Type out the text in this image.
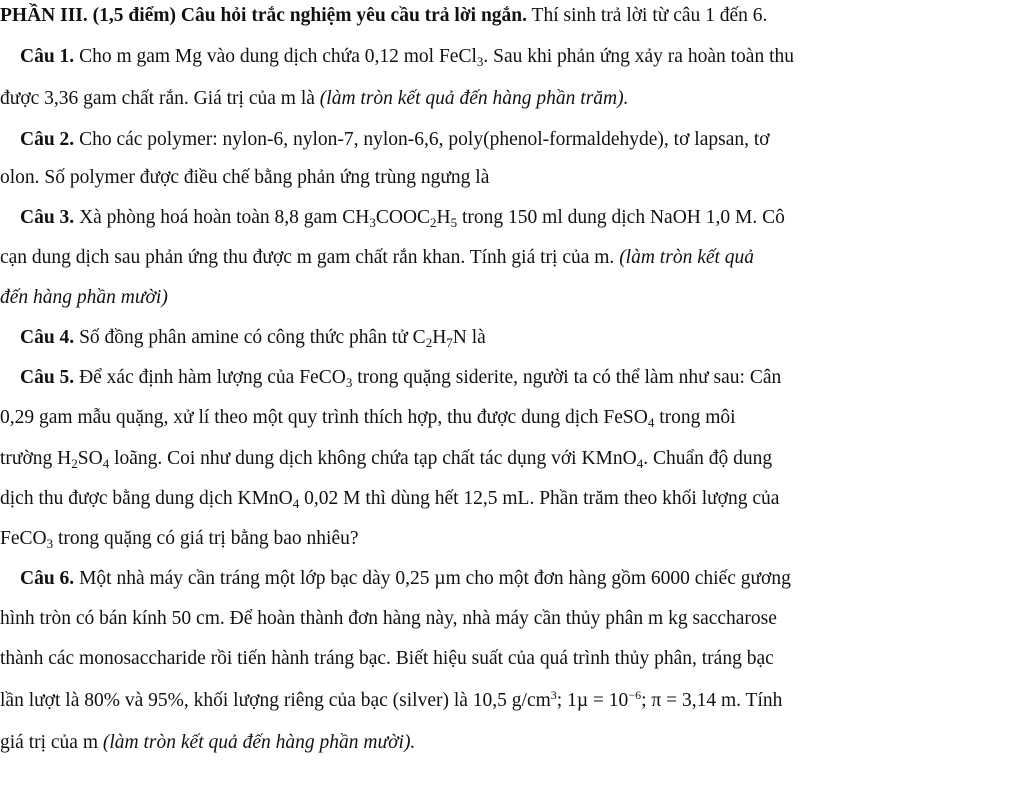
PHẦN III. (1,5 điểm) Câu hỏi trắc nghiệm yêu cầu trả lời ngắn. Thí sinh trả lời từ câu 1 đến 6.
Câu 1. Cho m gam Mg vào dung dịch chứa 0,12 mol FeCl$_3$. Sau khi phản ứng xảy ra hoàn toàn thu
được 3,36 gam chất rắn. Giá trị của m là (làm tròn kết quả đến hàng phần trăm).
Câu 2. Cho các polymer: nylon-6, nylon-7, nylon-6,6, poly(phenol-formaldehyde), tơ lapsan, tơ
olon. Số polymer được điều chế bằng phản ứng trùng ngưng là
Câu 3. Xà phòng hoá hoàn toàn 8,8 gam $CH_3COOC_2H_5$ trong 150 ml dung dịch NaOH 1,0 M. Cô
cạn dung dịch sau phản ứng thu được m gam chất rắn khan. Tính giá trị của m. (làm tròn kết quả
đến hàng phần mười)
Câu 4. Số đồng phân amine có công thức phân tử $C_2H_7N$ là
Câu 5. Để xác định hàm lượng của FeCO$_3$ trong quặng siderite, người ta có thể làm như sau: Cân
0,29 gam mẫu quặng, xử lí theo một quy trình thích hợp, thu được dung dịch FeSO$_4$ trong môi
trường $H_2SO_4$ loãng. Coi như dung dịch không chứa tạp chất tác dụng với KMnO$_4$. Chuẩn độ dung
dịch thu được bằng dung dịch KMnO$_4$ 0,02 M thì dùng hết 12,5 mL. Phần trăm theo khối lượng của
FeCO$_3$ trong quặng có giá trị bằng bao nhiêu?
Câu 6. Một nhà máy cần tráng một lớp bạc dày 0,25 µm cho một đơn hàng gồm 6000 chiếc gương
hình tròn có bán kính 50 cm. Để hoàn thành đơn hàng này, nhà máy cần thủy phân m kg saccharose
thành các monosaccharide rồi tiến hành tráng bạc. Biết hiệu suất của quá trình thủy phân, tráng bạc
lần lượt là 80% và 95%, khối lượng riêng của bạc (silver) là 10,5 $g/cm^3$; $1\mu = 10^{-6}$; π = 3,14 m. Tính
giá trị của m (làm tròn kết quả đến hàng phần mười).
